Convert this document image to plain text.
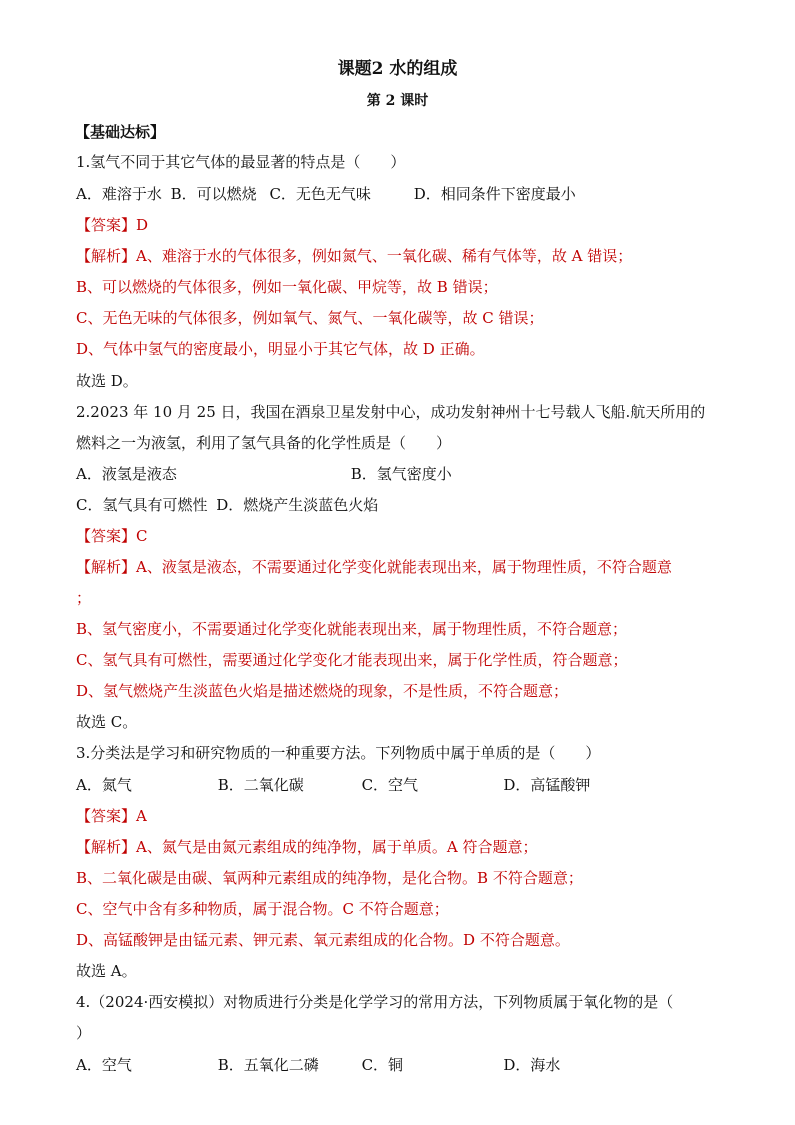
课题2 水的组成
第 2 课时
【基础达标】
1.氢气不同于其它气体的最显著的特点是（　　）
A．难溶于水 B．可以燃烧 C．无色无气味	D．相同条件下密度最小
【答案】D
【解析】A、难溶于水的气体很多，例如氮气、一氧化碳、稀有气体等，故 A 错误；
B、可以燃烧的气体很多，例如一氧化碳、甲烷等，故 B 错误；
C、无色无味的气体很多，例如氧气、氮气、一氧化碳等，故 C 错误；
D、气体中氢气的密度最小，明显小于其它气体，故 D 正确。
故选 D。
2.2023 年 10 月 25 日，我国在酒泉卫星发射中心，成功发射神州十七号载人飞船.航天所用的
燃料之一为液氢，利用了氢气具备的化学性质是（　　）
A．液氢是液态	B．氢气密度小
C．氢气具有可燃性 D．燃烧产生淡蓝色火焰
【答案】C
【解析】A、液氢是液态，不需要通过化学变化就能表现出来，属于物理性质，不符合题意
；
B、氢气密度小，不需要通过化学变化就能表现出来，属于物理性质，不符合题意；
C、氢气具有可燃性，需要通过化学变化才能表现出来，属于化学性质，符合题意；
D、氢气燃烧产生淡蓝色火焰是描述燃烧的现象，不是性质，不符合题意；
故选 C。
3.分类法是学习和研究物质的一种重要方法。下列物质中属于单质的是（　　）
A．氮气	B．二氧化碳	C．空气	D．高锰酸钾
【答案】A
【解析】A、氮气是由氮元素组成的纯净物，属于单质。A 符合题意；
B、二氧化碳是由碳、氧两种元素组成的纯净物，是化合物。B 不符合题意；
C、空气中含有多种物质，属于混合物。C 不符合题意；
D、高锰酸钾是由锰元素、钾元素、氧元素组成的化合物。D 不符合题意。
故选 A。
4.（2024·西安模拟）对物质进行分类是化学学习的常用方法，下列物质属于氧化物的是（
）
A．空气	B．五氧化二磷	C．铜	D．海水
